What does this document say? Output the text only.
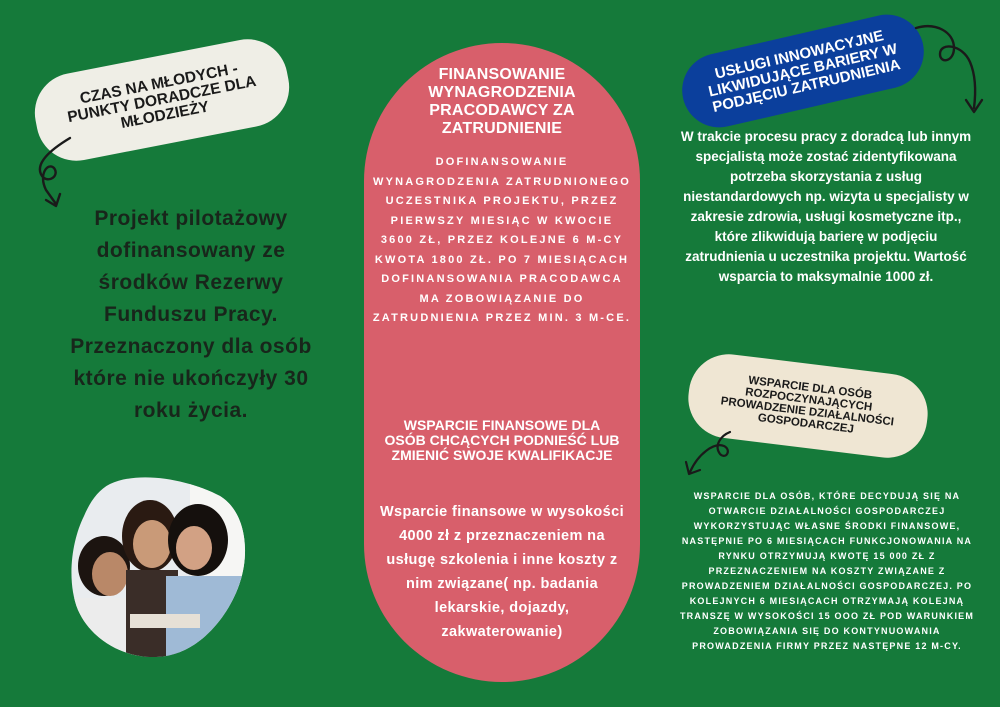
CZAS NA MŁODYCH - PUNKTY DORADCZE DLA MŁODZIEŻY
Projekt pilotażowy dofinansowany ze środków Rezerwy Funduszu Pracy. Przeznaczony dla osób które nie ukończyły 30 roku życia.
FINANSOWANIE WYNAGRODZENIA PRACODAWCY ZA ZATRUDNIENIE
DOFINANSOWANIE WYNAGRODZENIA ZATRUDNIONEGO UCZESTNIKA PROJEKTU, PRZEZ PIERWSZY MIESIĄC W KWOCIE 3600 ZŁ, PRZEZ KOLEJNE 6 M-CY KWOTA 1800 ZŁ. PO 7 MIESIĄCACH DOFINANSOWANIA PRACODAWCA MA ZOBOWIĄZANIE DO ZATRUDNIENIA PRZEZ MIN. 3 M-CE.
WSPARCIE FINANSOWE DLA OSÓB CHCĄCYCH PODNIEŚĆ LUB ZMIENIĆ SWOJE KWALIFIKACJE
Wsparcie finansowe w wysokości 4000 zł z przeznaczeniem na usługę szkolenia i inne koszty z nim związane( np. badania lekarskie, dojazdy, zakwaterowanie)
USŁUGI INNOWACYJNE LIKWIDUJĄCE BARIERY W PODJĘCIU ZATRUDNIENIA
W trakcie procesu pracy z doradcą lub innym specjalistą może zostać zidentyfikowana potrzeba skorzystania z usług niestandardowych np. wizyta u specjalisty w zakresie zdrowia, usługi kosmetyczne itp., które zlikwidują barierę w podjęciu zatrudnienia u uczestnika projektu. Wartość wsparcia to maksymalnie 1000 zł.
WSPARCIE DLA OSÓB ROZPOCZYNAJĄCYCH PROWADZENIE DZIAŁALNOŚCI GOSPODARCZEJ
WSPARCIE DLA OSÓB, KTÓRE DECYDUJĄ SIĘ NA OTWARCIE DZIAŁALNOŚCI GOSPODARCZEJ WYKORZYSTUJĄC WŁASNE ŚRODKI FINANSOWE, NASTĘPNIE PO 6 MIESIĄCACH FUNKCJONOWANIA NA RYNKU OTRZYMUJĄ KWOTĘ 15 000 ZŁ Z PRZEZNACZENIEM NA KOSZTY ZWIĄZANE Z PROWADZENIEM DZIAŁALNOŚCI GOSPODARCZEJ. PO KOLEJNYCH 6 MIESIĄCACH OTRZYMAJĄ KOLEJNĄ TRANSZĘ W WYSOKOŚCI 15 OOO ZŁ POD WARUNKIEM ZOBOWIĄZANIA SIĘ DO KONTYNUOWANIA PROWADZENIA FIRMY PRZEZ NASTĘPNE 12 M-CY.
